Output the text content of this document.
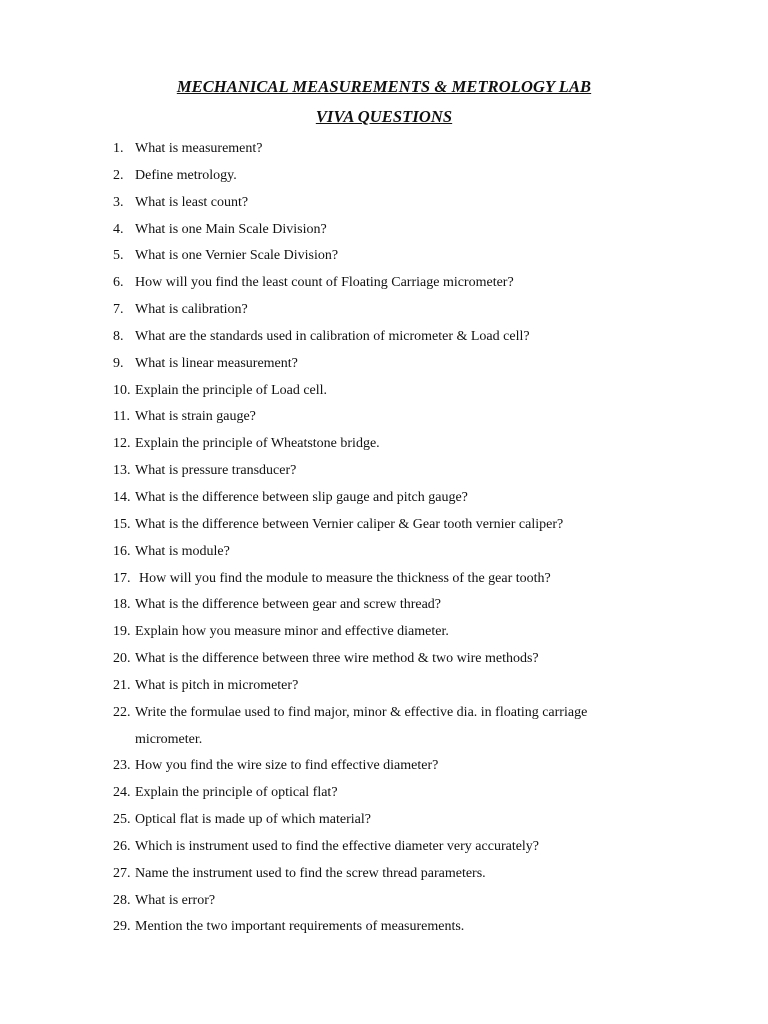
MECHANICAL MEASUREMENTS & METROLOGY LAB
VIVA QUESTIONS
1. What is measurement?
2. Define metrology.
3. What is least count?
4. What is one Main Scale Division?
5. What is one Vernier Scale Division?
6. How will you find the least count of Floating Carriage micrometer?
7. What is calibration?
8. What are the standards used in calibration of micrometer & Load cell?
9. What is linear measurement?
10. Explain the principle of Load cell.
11. What is strain gauge?
12. Explain the principle of Wheatstone bridge.
13. What is pressure transducer?
14. What is the difference between slip gauge and pitch gauge?
15. What is the difference between Vernier caliper & Gear tooth vernier caliper?
16. What is module?
17. How will you find the module to measure the thickness of the gear tooth?
18. What is the difference between gear and screw thread?
19. Explain how you measure minor and effective diameter.
20. What is the difference between three wire method & two wire methods?
21. What is pitch in micrometer?
22. Write the formulae used to find major, minor & effective dia. in floating carriage micrometer.
23. How you find the wire size to find effective diameter?
24. Explain the principle of optical flat?
25. Optical flat is made up of which material?
26. Which is instrument used to find the effective diameter very accurately?
27. Name the instrument used to find the screw thread parameters.
28. What is error?
29. Mention the two important requirements of measurements.
